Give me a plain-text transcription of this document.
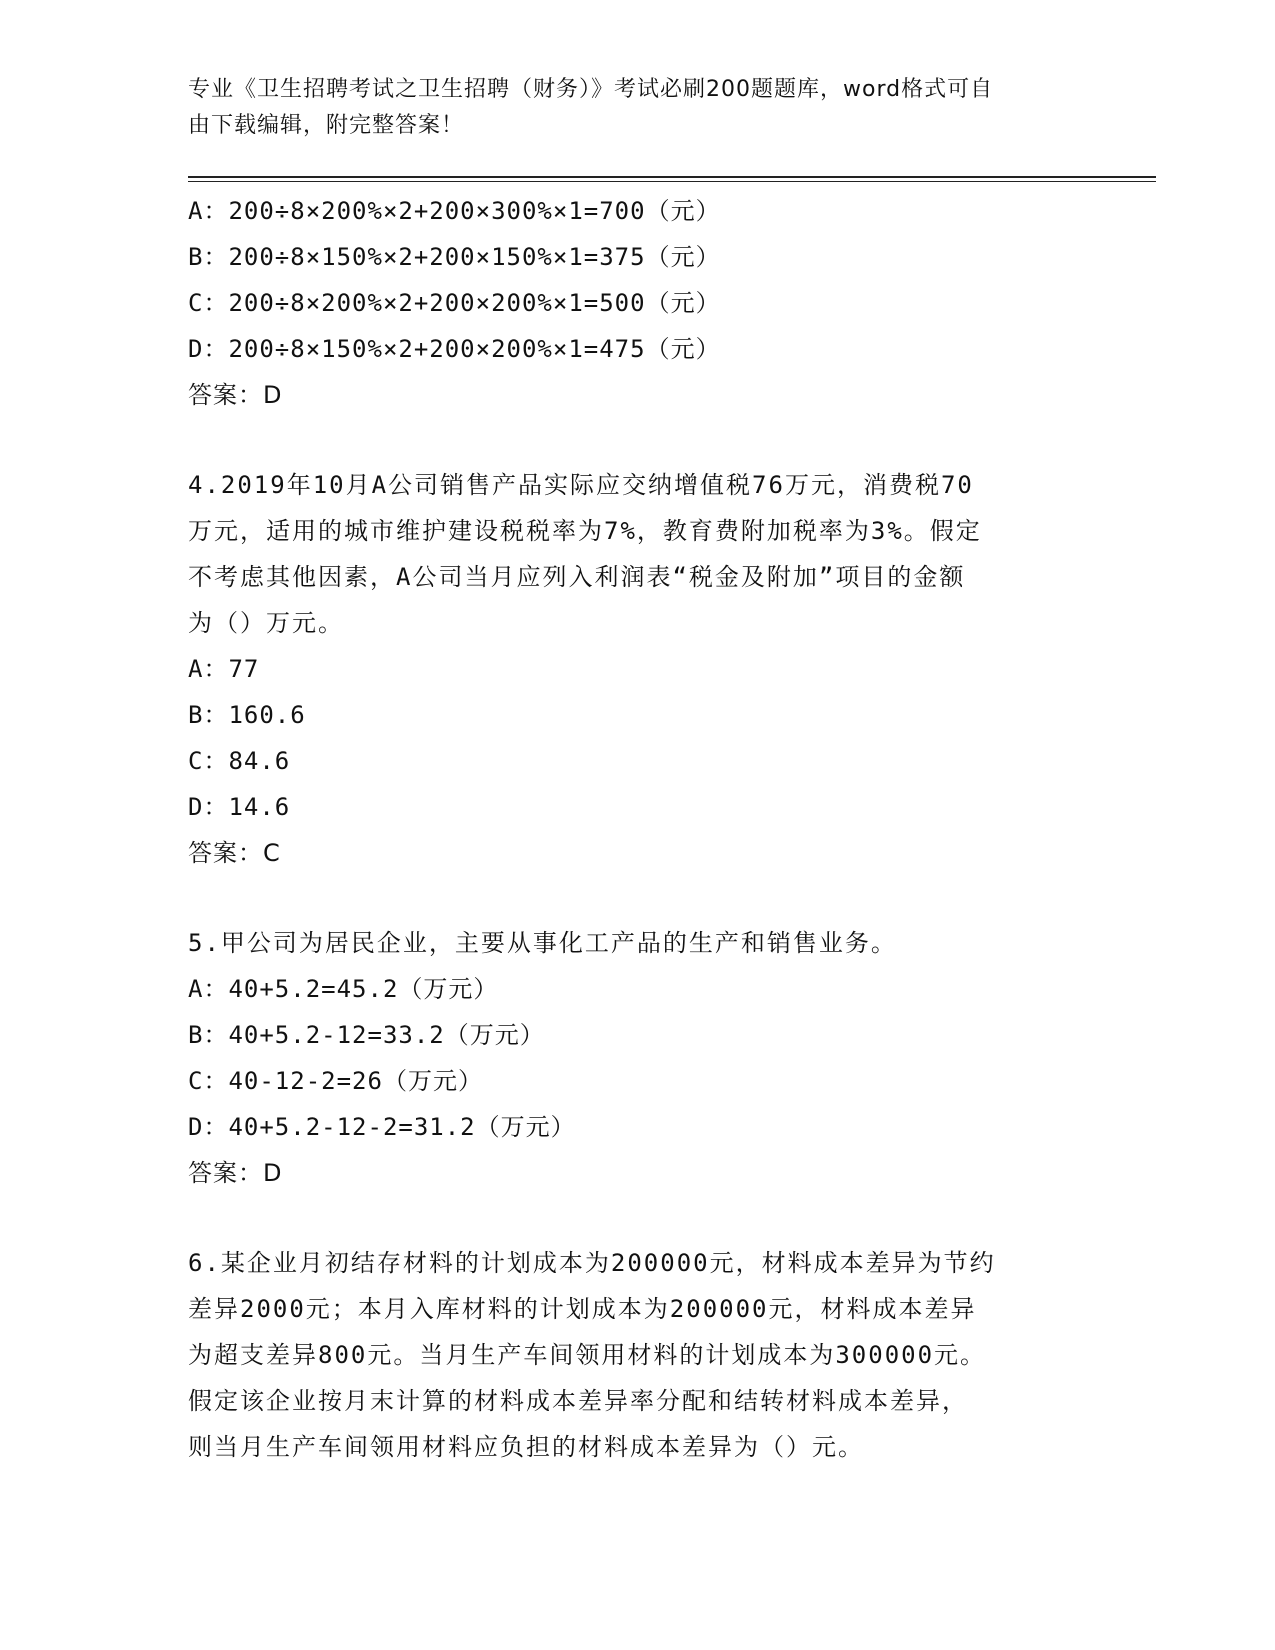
专业《卫生招聘考试之卫生招聘（财务）》考试必刷200题题库，word格式可自
由下载编辑，附完整答案！
A：200÷8×200%×2+200×300%×1=700（元）
B：200÷8×150%×2+200×150%×1=375（元）
C：200÷8×200%×2+200×200%×1=500（元）
D：200÷8×150%×2+200×200%×1=475（元）
答案：D
4.2019年10月A公司销售产品实际应交纳增值税76万元，消费税70
万元，适用的城市维护建设税税率为7%，教育费附加税率为3%。假定
不考虑其他因素，A公司当月应列入利润表“税金及附加”项目的金额
为（）万元。
A：77
B：160.6
C：84.6
D：14.6
答案：C
5.甲公司为居民企业，主要从事化工产品的生产和销售业务。
A：40+5.2=45.2（万元）
B：40+5.2-12=33.2（万元）
C：40-12-2=26（万元）
D：40+5.2-12-2=31.2（万元）
答案：D
6.某企业月初结存材料的计划成本为200000元，材料成本差异为节约
差异2000元；本月入库材料的计划成本为200000元，材料成本差异
为超支差异800元。当月生产车间领用材料的计划成本为300000元。
假定该企业按月末计算的材料成本差异率分配和结转材料成本差异，
则当月生产车间领用材料应负担的材料成本差异为（）元。
